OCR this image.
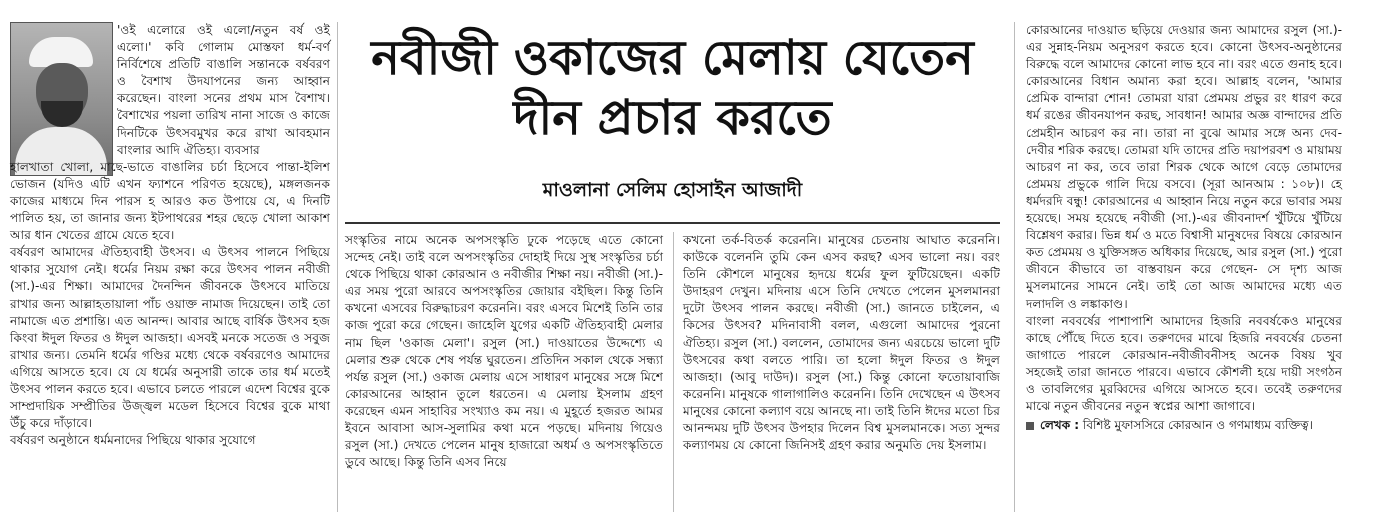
'ওই এলোরে ওই এলো/নতুন বর্ষ ওই এলো।' কবি গোলাম মোস্তফা ধর্ম-বর্ণ নির্বিশেষে প্রতিটি বাঙালি সন্তানকে বর্ষবরণ ও বৈশাখ উদযাপনের জন্য আহ্বান করেছেন। বাংলা সনের প্রথম মাস বৈশাখ। বৈশাখের পয়লা তারিখ নানা সাজে ও কাজে দিনটিকে উৎসবমুখর করে রাখা আবহমান বাংলার আদি ঐতিহ্য। ব্যবসার

হালখাতা খোলা, মাছে-ভাতে বাঙালির চর্চা হিসেবে পান্তা-ইলিশ ভোজন (যদিও এটি এখন ফ্যাশনে পরিণত হয়েছে), মঙ্গলজনক কাজের মাধ্যমে দিন পারস হ আরও কত উপায়ে যে, এ দিনটি পালিত হয়, তা জানার জন্য ইটপাথরের শহর ছেড়ে খোলা আকাশ আর ধান খেতের গ্রামে যেতে হবে।

বর্ষবরণ আমাদের ঐতিহ্যবাহী উৎসব। এ উৎসব পালনে পিছিয়ে থাকার সুযোগ নেই। ধর্মের নিয়ম রক্ষা করে উৎসব পালন নবীজী (সা.)-এর শিক্ষা। আমাদের দৈনন্দিন জীবনকে উৎসবে মাতিয়ে রাখার জন্য আল্লাহতায়ালা পাঁচ ওয়াক্ত নামাজ দিয়েছেন। তাই তো নামাজে এত প্রশান্তি। এত আনন্দ। আবার আছে বার্ষিক উৎসব হজ কিংবা ঈদুল ফিতর ও ঈদুল আজহা। এসবই মনকে সতেজ ও সবুজ রাখার জন্য। তেমনি ধর্মের গণ্ডির মধ্যে থেকে বর্ষবরণেও আমাদের এগিয়ে আসতে হবে। যে যে ধর্মের অনুসারী তাকে তার ধর্ম মতেই উৎসব পালন করতে হবে। এভাবে চলতে পারলে এদেশ বিশ্বের বুকে সাম্প্রদায়িক সম্প্রীতির উজ্জ্বল মডেল হিসেবে বিশ্বের বুকে মাথা উঁচু করে দাঁড়াবে।

বর্ষবরণ অনুষ্ঠানে ধর্মমনাদের পিছিয়ে থাকার সুযোগে

নবীজী ওকাজের মেলায় যেতেন
দীন প্রচার করতে
মাওলানা সেলিম হোসাইন আজাদী

সংস্কৃতির নামে অনেক অপসংস্কৃতি ঢুকে পড়েছে এতে কোনো সন্দেহ নেই। তাই বলে অপসংস্কৃতির দোহাই দিয়ে সুস্থ সংস্কৃতির চর্চা থেকে পিছিয়ে থাকা কোরআন ও নবীজীর শিক্ষা নয়। নবীজী (সা.)-এর সময় পুরো আরবে অপসংস্কৃতির জোয়ার বইছিল। কিন্তু তিনি কখনো এসবের বিরুদ্ধাচরণ করেননি। বরং এসবে মিশেই তিনি তার কাজ পুরো করে গেছেন। জাহেলি যুগের একটি ঐতিহ্যবাহী মেলার নাম ছিল 'ওকাজ মেলা'। রসুল (সা.) দাওয়াতের উদ্দেশ্যে এ মেলার শুরু থেকে শেষ পর্যন্ত ঘুরতেন। প্রতিদিন সকাল থেকে সন্ধ্যা পর্যন্ত রসুল (সা.) ওকাজ মেলায় এসে সাধারণ মানুষের সঙ্গে মিশে কোরআনের আহ্বান তুলে ধরতেন। এ মেলায় ইসলাম গ্রহণ করেছেন এমন সাহাবির সংখ্যাও কম নয়। এ মুহূর্তে হজরত আমর ইবনে আবাসা আস-সুলামির কথা মনে পড়ছে। মদিনায় গিয়েও রসুল (সা.) দেখতে পেলেন মানুষ হাজারো অধর্ম ও অপসংস্কৃতিতে ডুবে আছে। কিন্তু তিনি এসব নিয়ে

কখনো তর্ক-বিতর্ক করেননি। মানুষের চেতনায় আঘাত করেননি। কাউকে বলেননি তুমি কেন এসব করছ? এসব ভালো নয়। বরং তিনি কৌশলে মানুষের হৃদয়ে ধর্মের ফুল ফুটিয়েছেন। একটি উদাহরণ দেখুন। মদিনায় এসে তিনি দেখতে পেলেন মুসলমানরা দুটো উৎসব পালন করছে। নবীজী (সা.) জানতে চাইলেন, এ কিসের উৎসব? মদিনাবাসী বলল, এগুলো আমাদের পুরনো ঐতিহ্য। রসুল (সা.) বললেন, তোমাদের জন্য এরচেয়ে ভালো দুটি উৎসবের কথা বলতে পারি। তা হলো ঈদুল ফিতর ও ঈদুল আজহা। (আবু দাউদ)। রসুল (সা.) কিন্তু কোনো ফতোয়াবাজি করেননি। মানুষকে গালাগালিও করেননি। তিনি দেখেছেন এ উৎসব মানুষের কোনো কল্যাণ বয়ে আনছে না। তাই তিনি ঈদের মতো চির আনন্দময় দুটি উৎসব উপহার দিলেন বিশ্ব মুসলমানকে। সত্য সুন্দর কল্যাণময় যে কোনো জিনিসই গ্রহণ করার অনুমতি দেয় ইসলাম।

কোরআনের দাওয়াত ছড়িয়ে দেওয়ার জন্য আমাদের রসুল (সা.)-এর সুন্নাহ-নিয়ম অনুসরণ করতে হবে। কোনো উৎসব-অনুষ্ঠানের বিরুদ্ধে বলে আমাদের কোনো লাভ হবে না। বরং এতে গুনাহ হবে। কোরআনের বিধান অমান্য করা হবে। আল্লাহ বলেন, 'আমার প্রেমিক বান্দারা শোন! তোমরা যারা প্রেমময় প্রভুর রং ধারণ করে ধর্ম রঙের জীবনযাপন করছ, সাবধান! আমার অজ্ঞ বান্দাদের প্রতি প্রেমহীন আচরণ কর না। তারা না বুঝে আমার সঙ্গে অন্য দেব-দেবীর শরিক করছে। তোমরা যদি তাদের প্রতি দয়াপরবশ ও মায়াময় আচরণ না কর, তবে তারা শিরক থেকে আগে বেড়ে তোমাদের প্রেমময় প্রভুকে গালি দিয়ে বসবে। (সূরা আনআম : ১০৮)। হে ধর্মদরদি বন্ধু! কোরআনের এ আহ্বান নিয়ে নতুন করে ভাবার সময় হয়েছে। সময় হয়েছে নবীজী (সা.)-এর জীবনাদর্শ খুঁটিয়ে খুঁটিয়ে বিশ্লেষণ করার। ভিন্ন ধর্ম ও মতে বিশ্বাসী মানুষদের বিষয়ে কোরআন কত প্রেমময় ও যুক্তিসঙ্গত অধিকার দিয়েছে, আর রসুল (সা.) পুরো জীবনে কীভাবে তা বাস্তবায়ন করে গেছেন- সে দৃশ্য আজ মুসলমানের সামনে নেই। তাই তো আজ আমাদের মধ্যে এত দলাদলি ও লঙ্কাকাণ্ড।

বাংলা নববর্ষের পাশাপাশি আমাদের হিজরি নববর্ষকেও মানুষের কাছে পৌঁছে দিতে হবে। তরুণদের মাঝে হিজরি নববর্ষের চেতনা জাগাতে পারলে কোরআন-নবীজীবনীসহ অনেক বিষয় খুব সহজেই তারা জানতে পারবে। এভাবে কৌশলী হয়ে দায়ী সংগঠন ও তাবলিগের মুরব্বিদের এগিয়ে আসতে হবে। তবেই তরুণদের মাঝে নতুন জীবনের নতুন স্বপ্নের আশা জাগাবে।

লেখক : বিশিষ্ট মুফাসসিরে কোরআন ও গণমাধ্যম ব্যক্তিত্ব।
